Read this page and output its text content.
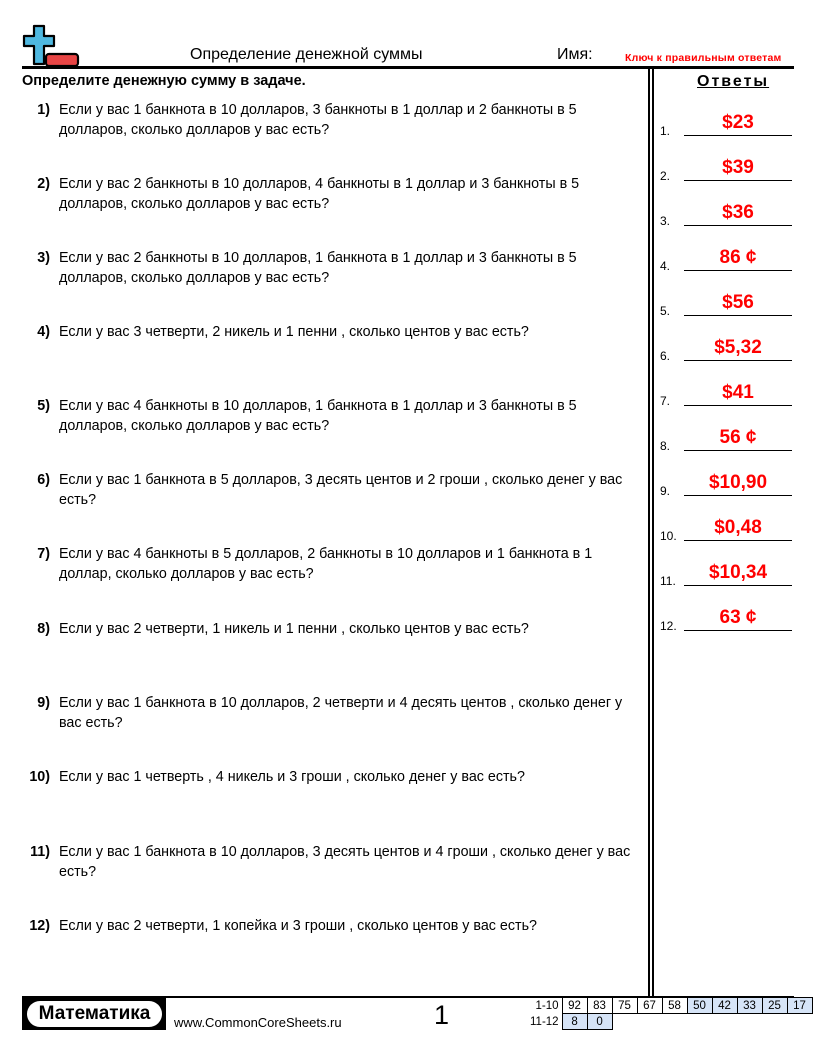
Определение денежной суммы	Имя:	Ключ к правильным ответам
Определите денежную сумму в задаче.
1) Если у вас 1 банкнота в 10 долларов, 3 банкноты в 1 доллар и 2 банкноты в 5 долларов, сколько долларов у вас есть?
2) Если у вас 2 банкноты в 10 долларов, 4 банкноты в 1 доллар и 3 банкноты в 5 долларов, сколько долларов у вас есть?
3) Если у вас 2 банкноты в 10 долларов, 1 банкнота в 1 доллар и 3 банкноты в 5 долларов, сколько долларов у вас есть?
4) Если у вас 3 четверти, 2 никель и 1 пенни , сколько центов у вас есть?
5) Если у вас 4 банкноты в 10 долларов, 1 банкнота в 1 доллар и 3 банкноты в 5 долларов, сколько долларов у вас есть?
6) Если у вас 1 банкнота в 5 долларов, 3 десять центов и 2 гроши , сколько денег у вас есть?
7) Если у вас 4 банкноты в 5 долларов, 2 банкноты в 10 долларов и 1 банкнота в 1 доллар, сколько долларов у вас есть?
8) Если у вас 2 четверти, 1 никель и 1 пенни , сколько центов у вас есть?
9) Если у вас 1 банкнота в 10 долларов, 2 четверти и 4 десять центов , сколько денег у вас есть?
10) Если у вас 1 четверть , 4 никель и 3 гроши , сколько денег у вас есть?
11) Если у вас 1 банкнота в 10 долларов, 3 десять центов и 4 гроши , сколько денег у вас есть?
12) Если у вас 2 четверти, 1 копейка и 3 гроши , сколько центов у вас есть?
Ответы
1.	$23
2.	$39
3.	$36
4.	86 ¢
5.	$56
6.	$5,32
7.	$41
8.	56 ¢
9.	$10,90
10.	$0,48
11.	$10,34
12.	63 ¢
Математика	www.CommonCoreSheets.ru	1	1-10	92	83	75	67	58	50	42	33	25	17
11-12	8	0								
